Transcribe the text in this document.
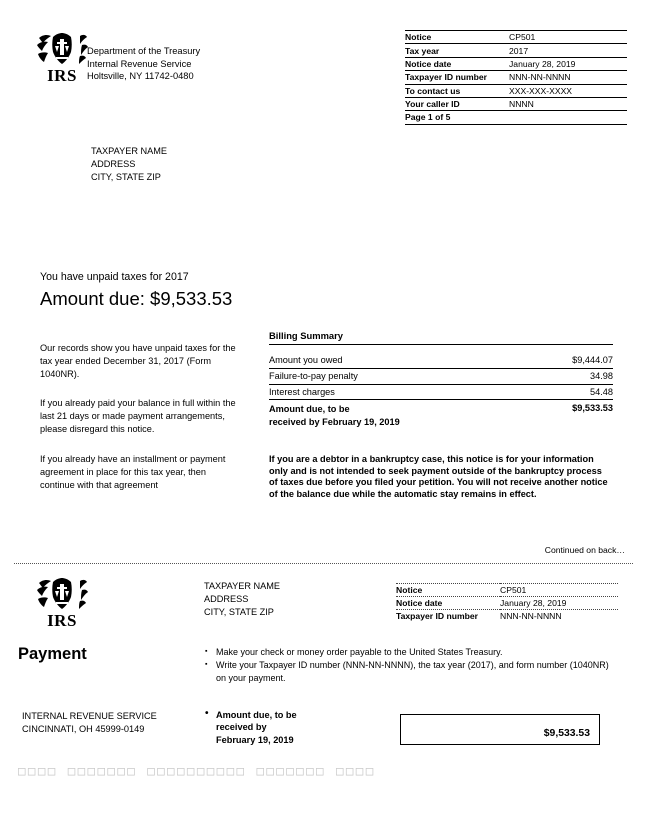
IRS
Department of the Treasury
Internal Revenue Service
Holtsville, NY 11742-0480
Notice	CP501
Tax year	2017
Notice date	January 28, 2019
Taxpayer ID number	NNN-NN-NNNN
To contact us	XXX-XXX-XXXX
Your caller ID	NNNN
Page 1 of 5	
TAXPAYER NAME
ADDRESS
CITY, STATE ZIP
You have unpaid taxes for 2017
Amount due: $9,533.53

Our records show you have unpaid taxes for the tax year ended December 31, 2017 (Form 1040NR).

If you already paid your balance in full within the last 21 days or made payment arrangements, please disregard this notice.

If you already have an installment or payment agreement in place for this tax year, then continue with that agreement

Billing Summary
Amount you owed	$9,444.07
Failure-to-pay penalty	34.98
Interest charges	54.48
Amount due, to be
received by February 19, 2019	$9,533.53
If you are a debtor in a bankruptcy case, this notice is for your information only and is not intended to seek payment outside of the bankruptcy process of taxes due before you filed your petition. You will not receive another notice of the balance due while the automatic stay remains in effect.
Continued on back…
IRS
Payment
TAXPAYER NAME
ADDRESS
CITY, STATE ZIP
Notice	CP501
Notice date	January 28, 2019
Taxpayer ID number	NNN-NN-NNNN
▪ Make your check or money order payable to the United States Treasury.
▪ Write your Taxpayer ID number (NNN-NN-NNNN), the tax year (2017), and form number (1040NR) on your payment.
INTERNAL REVENUE SERVICE
CINCINNATI, OH 45999-0149
• Amount due, to be
received by
February 19, 2019
$9,533.53
□□□□ □□□□□□□ □□□□□□□□□□ □□□□□□□ □□□□
